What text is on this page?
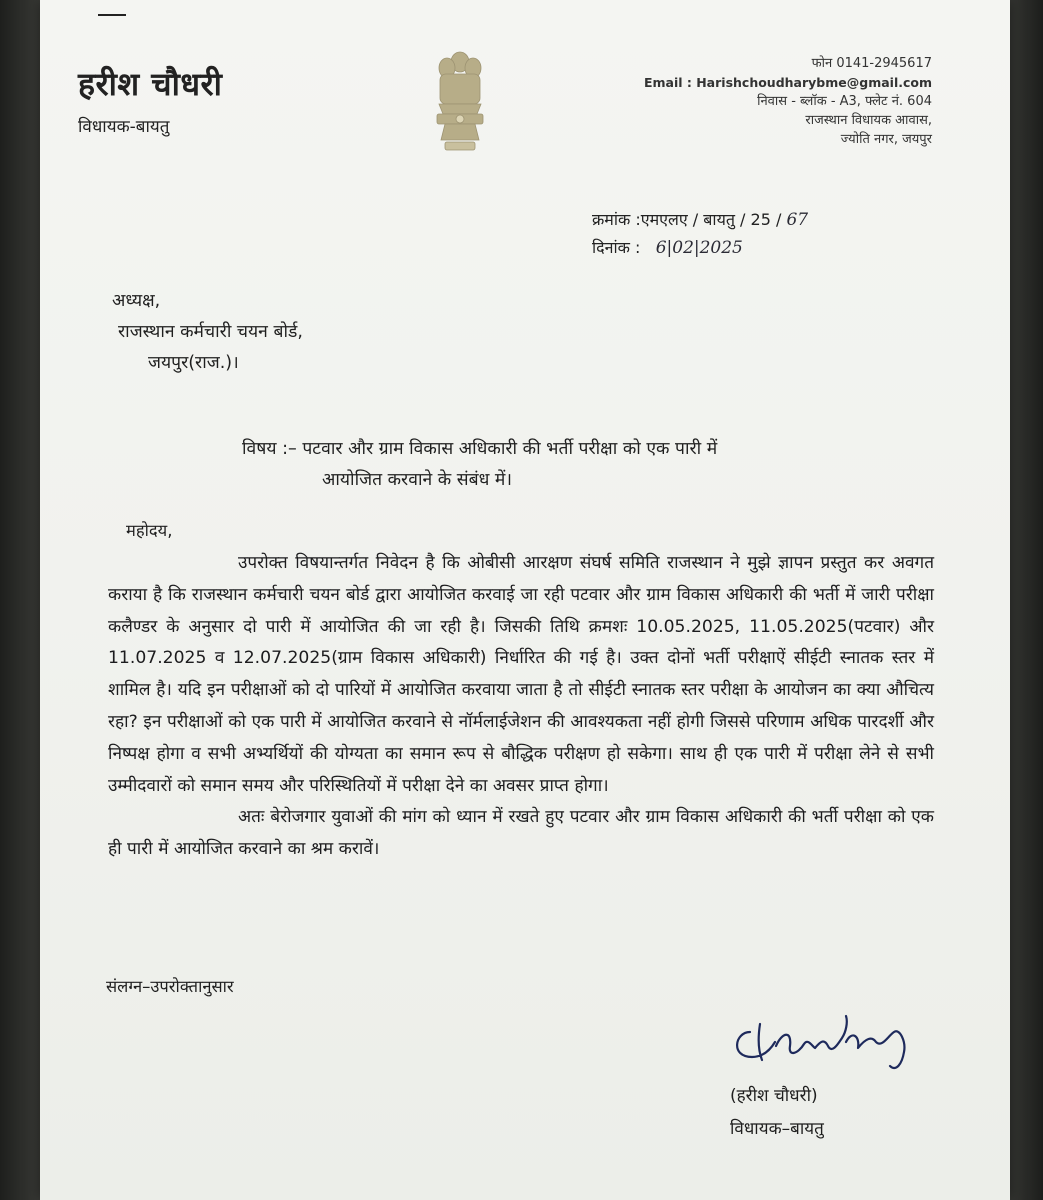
हरीश चौधरी
विधायक-बायतु
फोन 0141-2945617
Email : Harishchoudharybme@gmail.com
निवास - ब्लॉक - A3, फ्लेट नं. 604
राजस्थान विधायक आवास,
ज्योति नगर, जयपुर
क्रमांक :एमएलए / बायतु / 25 / 67
दिनांक : 6|02|2025
अध्यक्ष,
राजस्थान कर्मचारी चयन बोर्ड,
जयपुर(राज.)।
विषय :– पटवार और ग्राम विकास अधिकारी की भर्ती परीक्षा को एक पारी में
आयोजित करवाने के संबंध में।
महोदय,

उपरोक्त विषयान्तर्गत निवेदन है कि ओबीसी आरक्षण संघर्ष समिति राजस्थान ने मुझे ज्ञापन प्रस्तुत कर अवगत कराया है कि राजस्थान कर्मचारी चयन बोर्ड द्वारा आयोजित करवाई जा रही पटवार और ग्राम विकास अधिकारी की भर्ती में जारी परीक्षा कलैण्डर के अनुसार दो पारी में आयोजित की जा रही है। जिसकी तिथि क्रमशः 10.05.2025, 11.05.2025(पटवार) और 11.07.2025 व 12.07.2025(ग्राम विकास अधिकारी) निर्धारित की गई है। उक्त दोनों भर्ती परीक्षाऐं सीईटी स्नातक स्तर में शामिल है। यदि इन परीक्षाओं को दो पारियों में आयोजित करवाया जाता है तो सीईटी स्नातक स्तर परीक्षा के आयोजन का क्या औचित्य रहा? इन परीक्षाओं को एक पारी में आयोजित करवाने से नॉर्मलाईजेशन की आवश्यकता नहीं होगी जिससे परिणाम अधिक पारदर्शी और निष्पक्ष होगा व सभी अभ्यर्थियों की योग्यता का समान रूप से बौद्धिक परीक्षण हो सकेगा। साथ ही एक पारी में परीक्षा लेने से सभी उम्मीदवारों को समान समय और परिस्थितियों में परीक्षा देने का अवसर प्राप्त होगा।

अतः बेरोजगार युवाओं की मांग को ध्यान में रखते हुए पटवार और ग्राम विकास अधिकारी की भर्ती परीक्षा को एक ही पारी में आयोजित करवाने का श्रम करावें।

संलग्न–उपरोक्तानुसार
(हरीश चौधरी)
विधायक–बायतु
